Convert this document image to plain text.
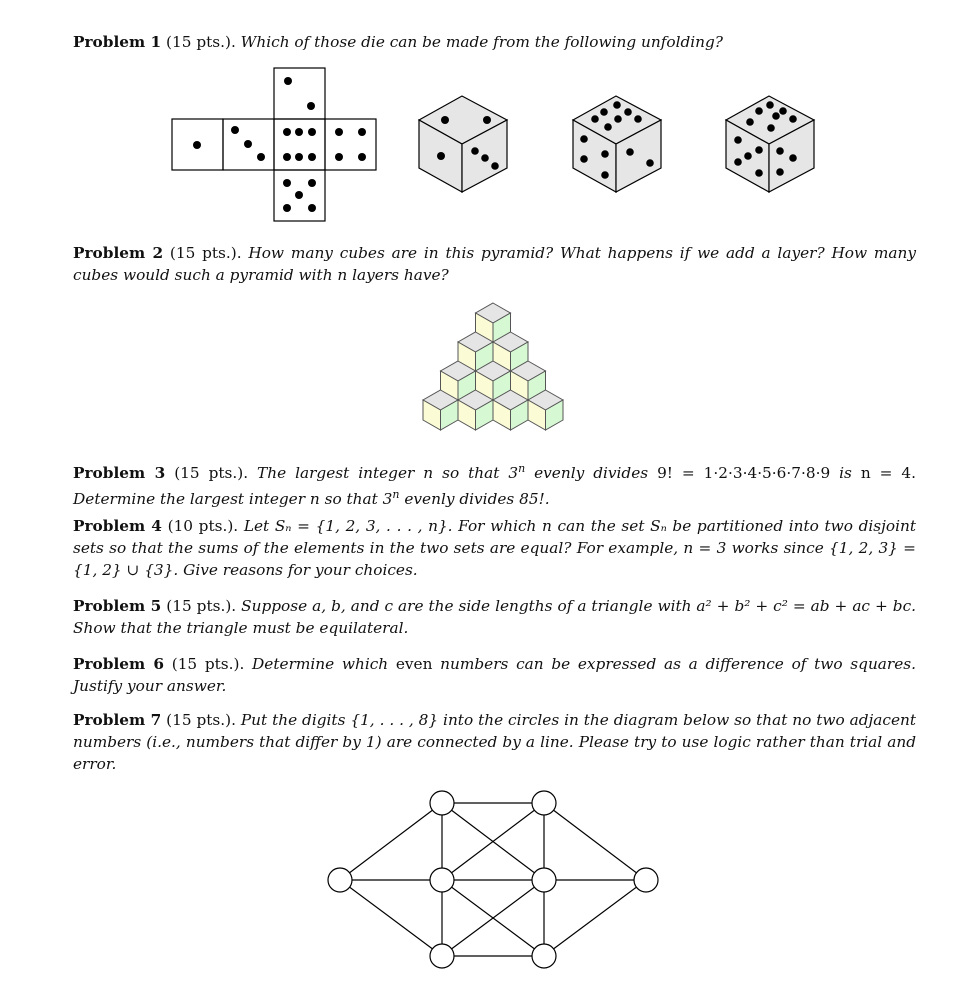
Problem 1 (15 pts.). Which of those die can be made from the following unfolding?
Problem 2 (15 pts.). How many cubes are in this pyramid? What happens if we add a layer? How many cubes would such a pyramid with n layers have?
Problem 3 (15 pts.). The largest integer n so that 3$^n$ evenly divides 9! = 1·2·3·4·5·6·7·8·9 is n = 4. Determine the largest integer n so that 3$^n$ evenly divides 85!.
Problem 4 (10 pts.). Let Sₙ = {1, 2, 3, . . . , n}. For which n can the set Sₙ be partitioned into two disjoint sets so that the sums of the elements in the two sets are equal? For example, n = 3 works since {1, 2, 3} = {1, 2} ∪ {3}. Give reasons for your choices.
Problem 5 (15 pts.). Suppose a, b, and c are the side lengths of a triangle with a² + b² + c² = ab + ac + bc. Show that the triangle must be equilateral.
Problem 6 (15 pts.). Determine which even numbers can be expressed as a difference of two squares. Justify your answer.
Problem 7 (15 pts.). Put the digits {1, . . . , 8} into the circles in the diagram below so that no two adjacent numbers (i.e., numbers that differ by 1) are connected by a line. Please try to use logic rather than trial and error.
